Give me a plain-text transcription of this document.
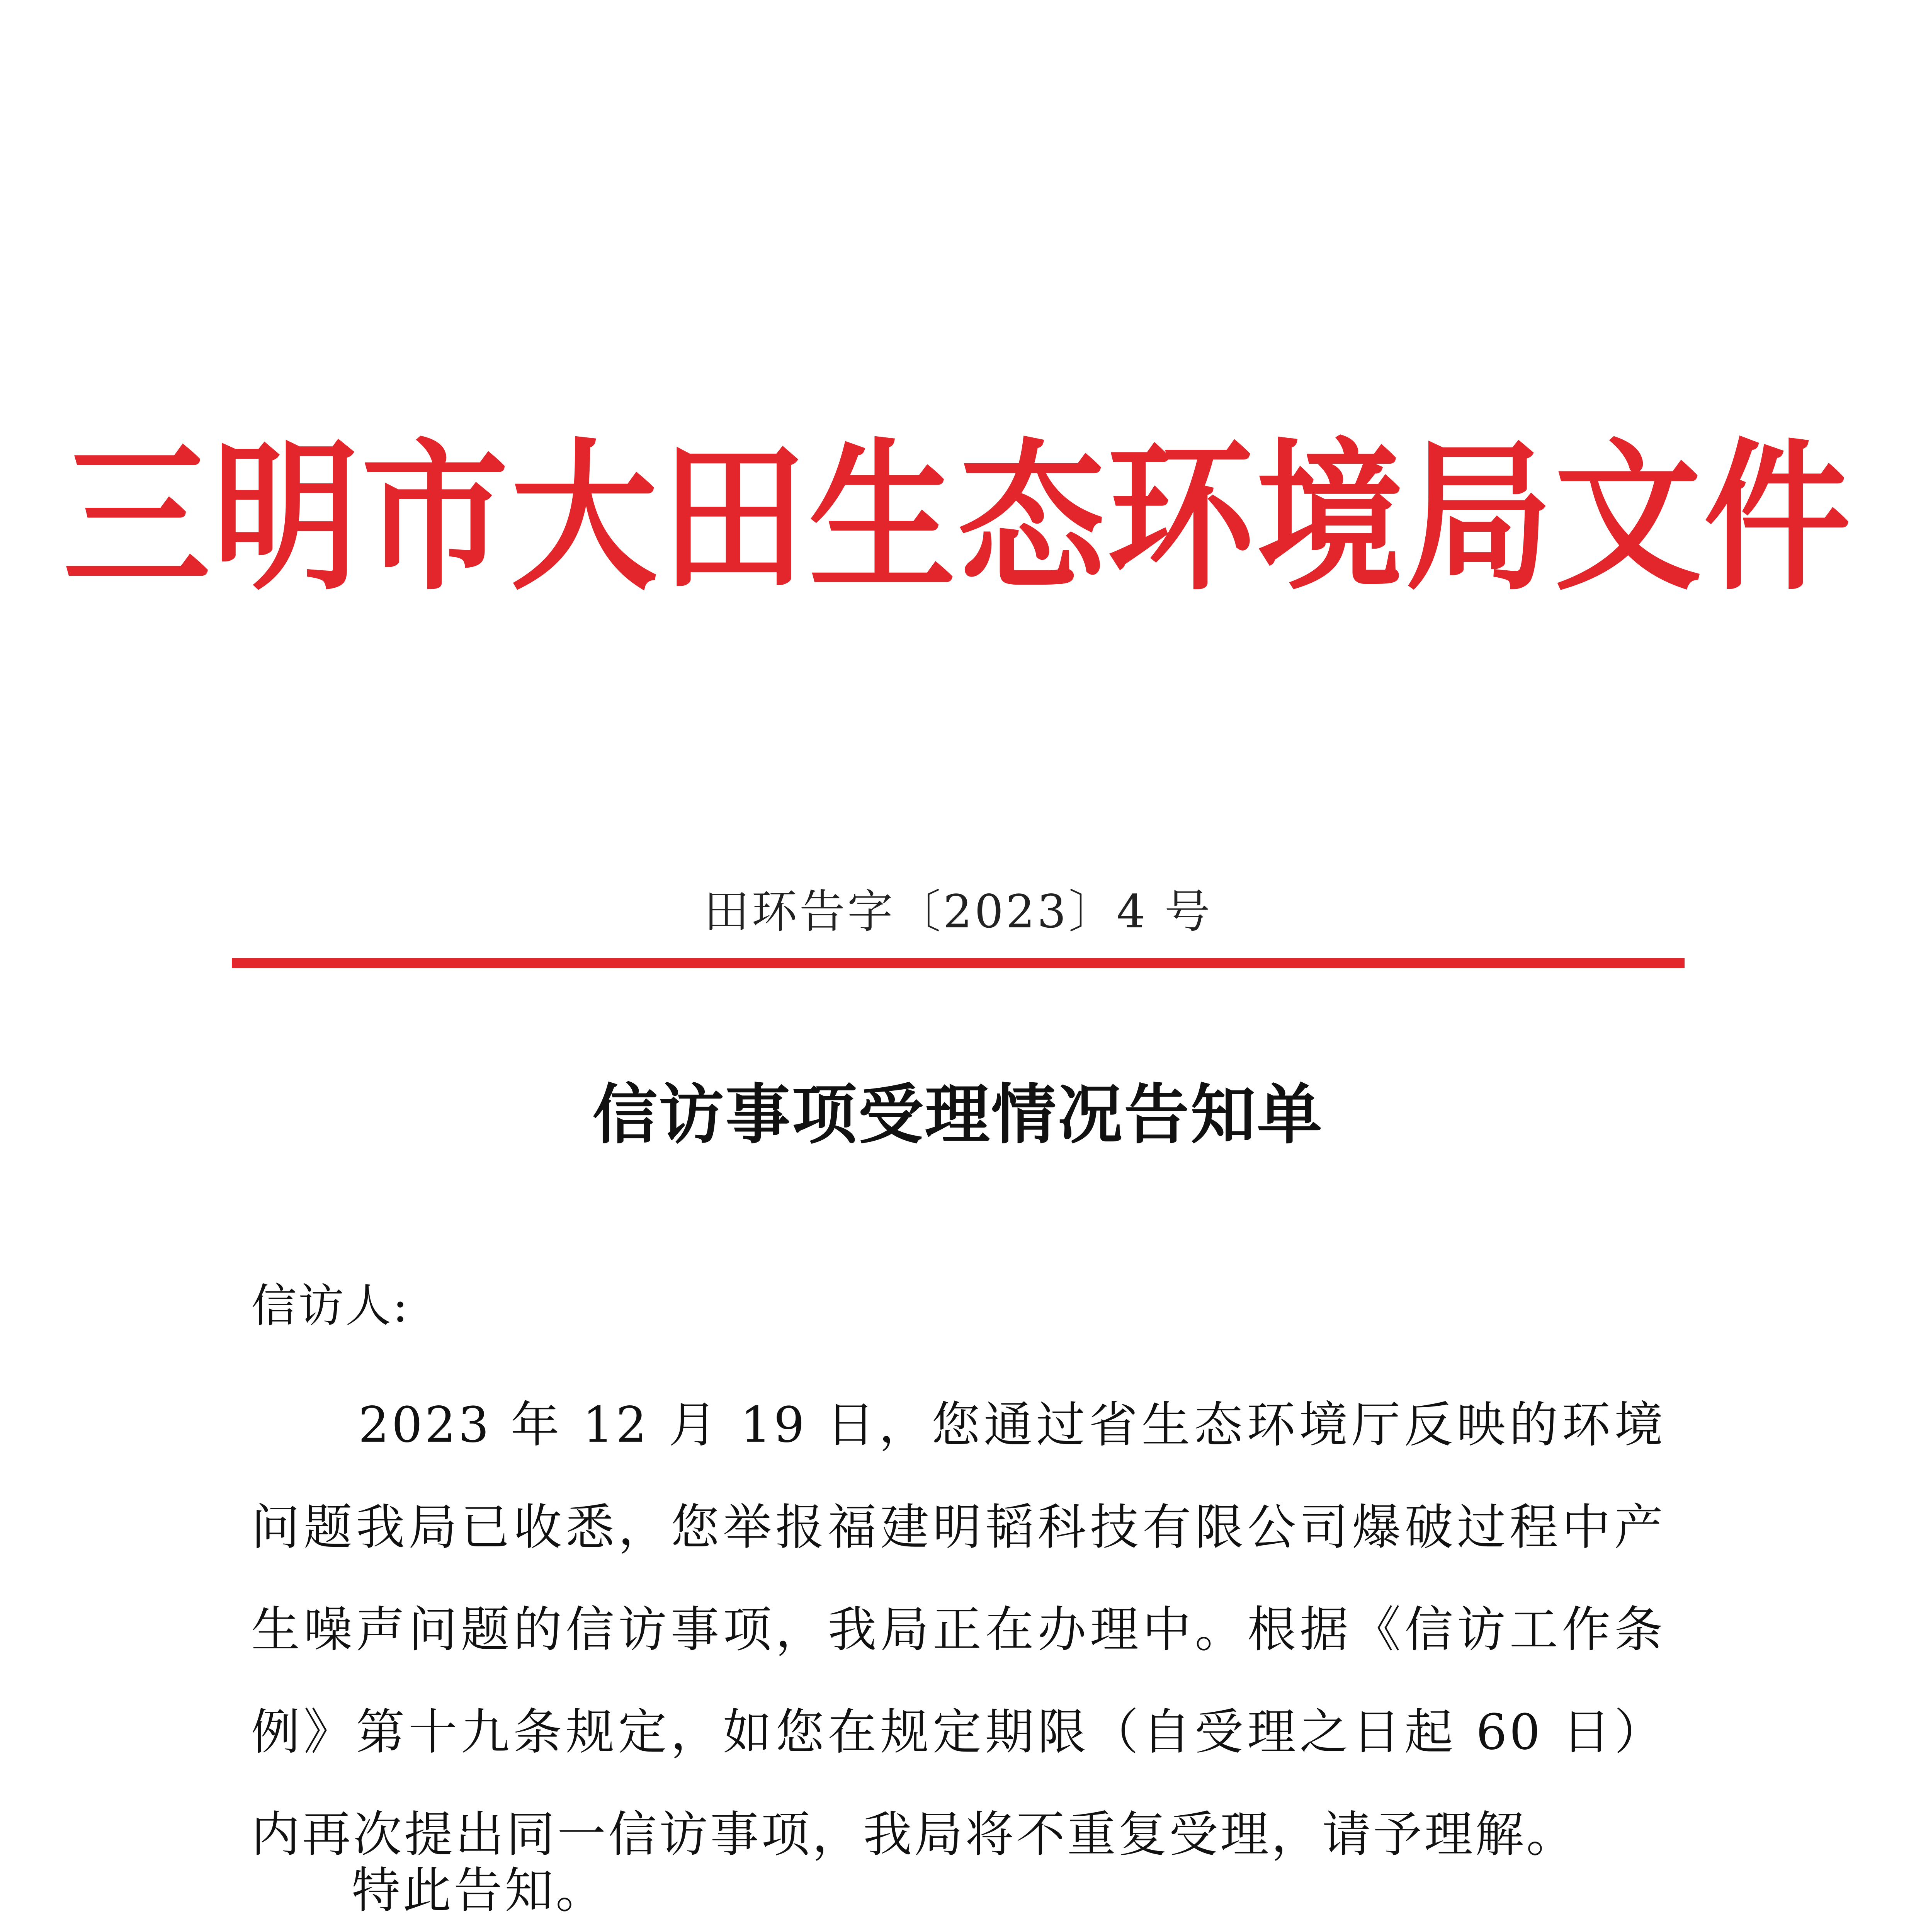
三明市大田生态环境局文件
田环告字〔2023〕4 号
信访事项受理情况告知单
信访人:

2023 年 12 月 19 日，您通过省生态环境厅反映的环境问题我局已收悉，您举报福建明韬科技有限公司爆破过程中产生噪声问题的信访事项，我局正在办理中。根据《信访工作条例》第十九条规定，如您在规定期限（自受理之日起 60 日）内再次提出同一信访事项，我局将不重复受理，请予理解。

特此告知。
